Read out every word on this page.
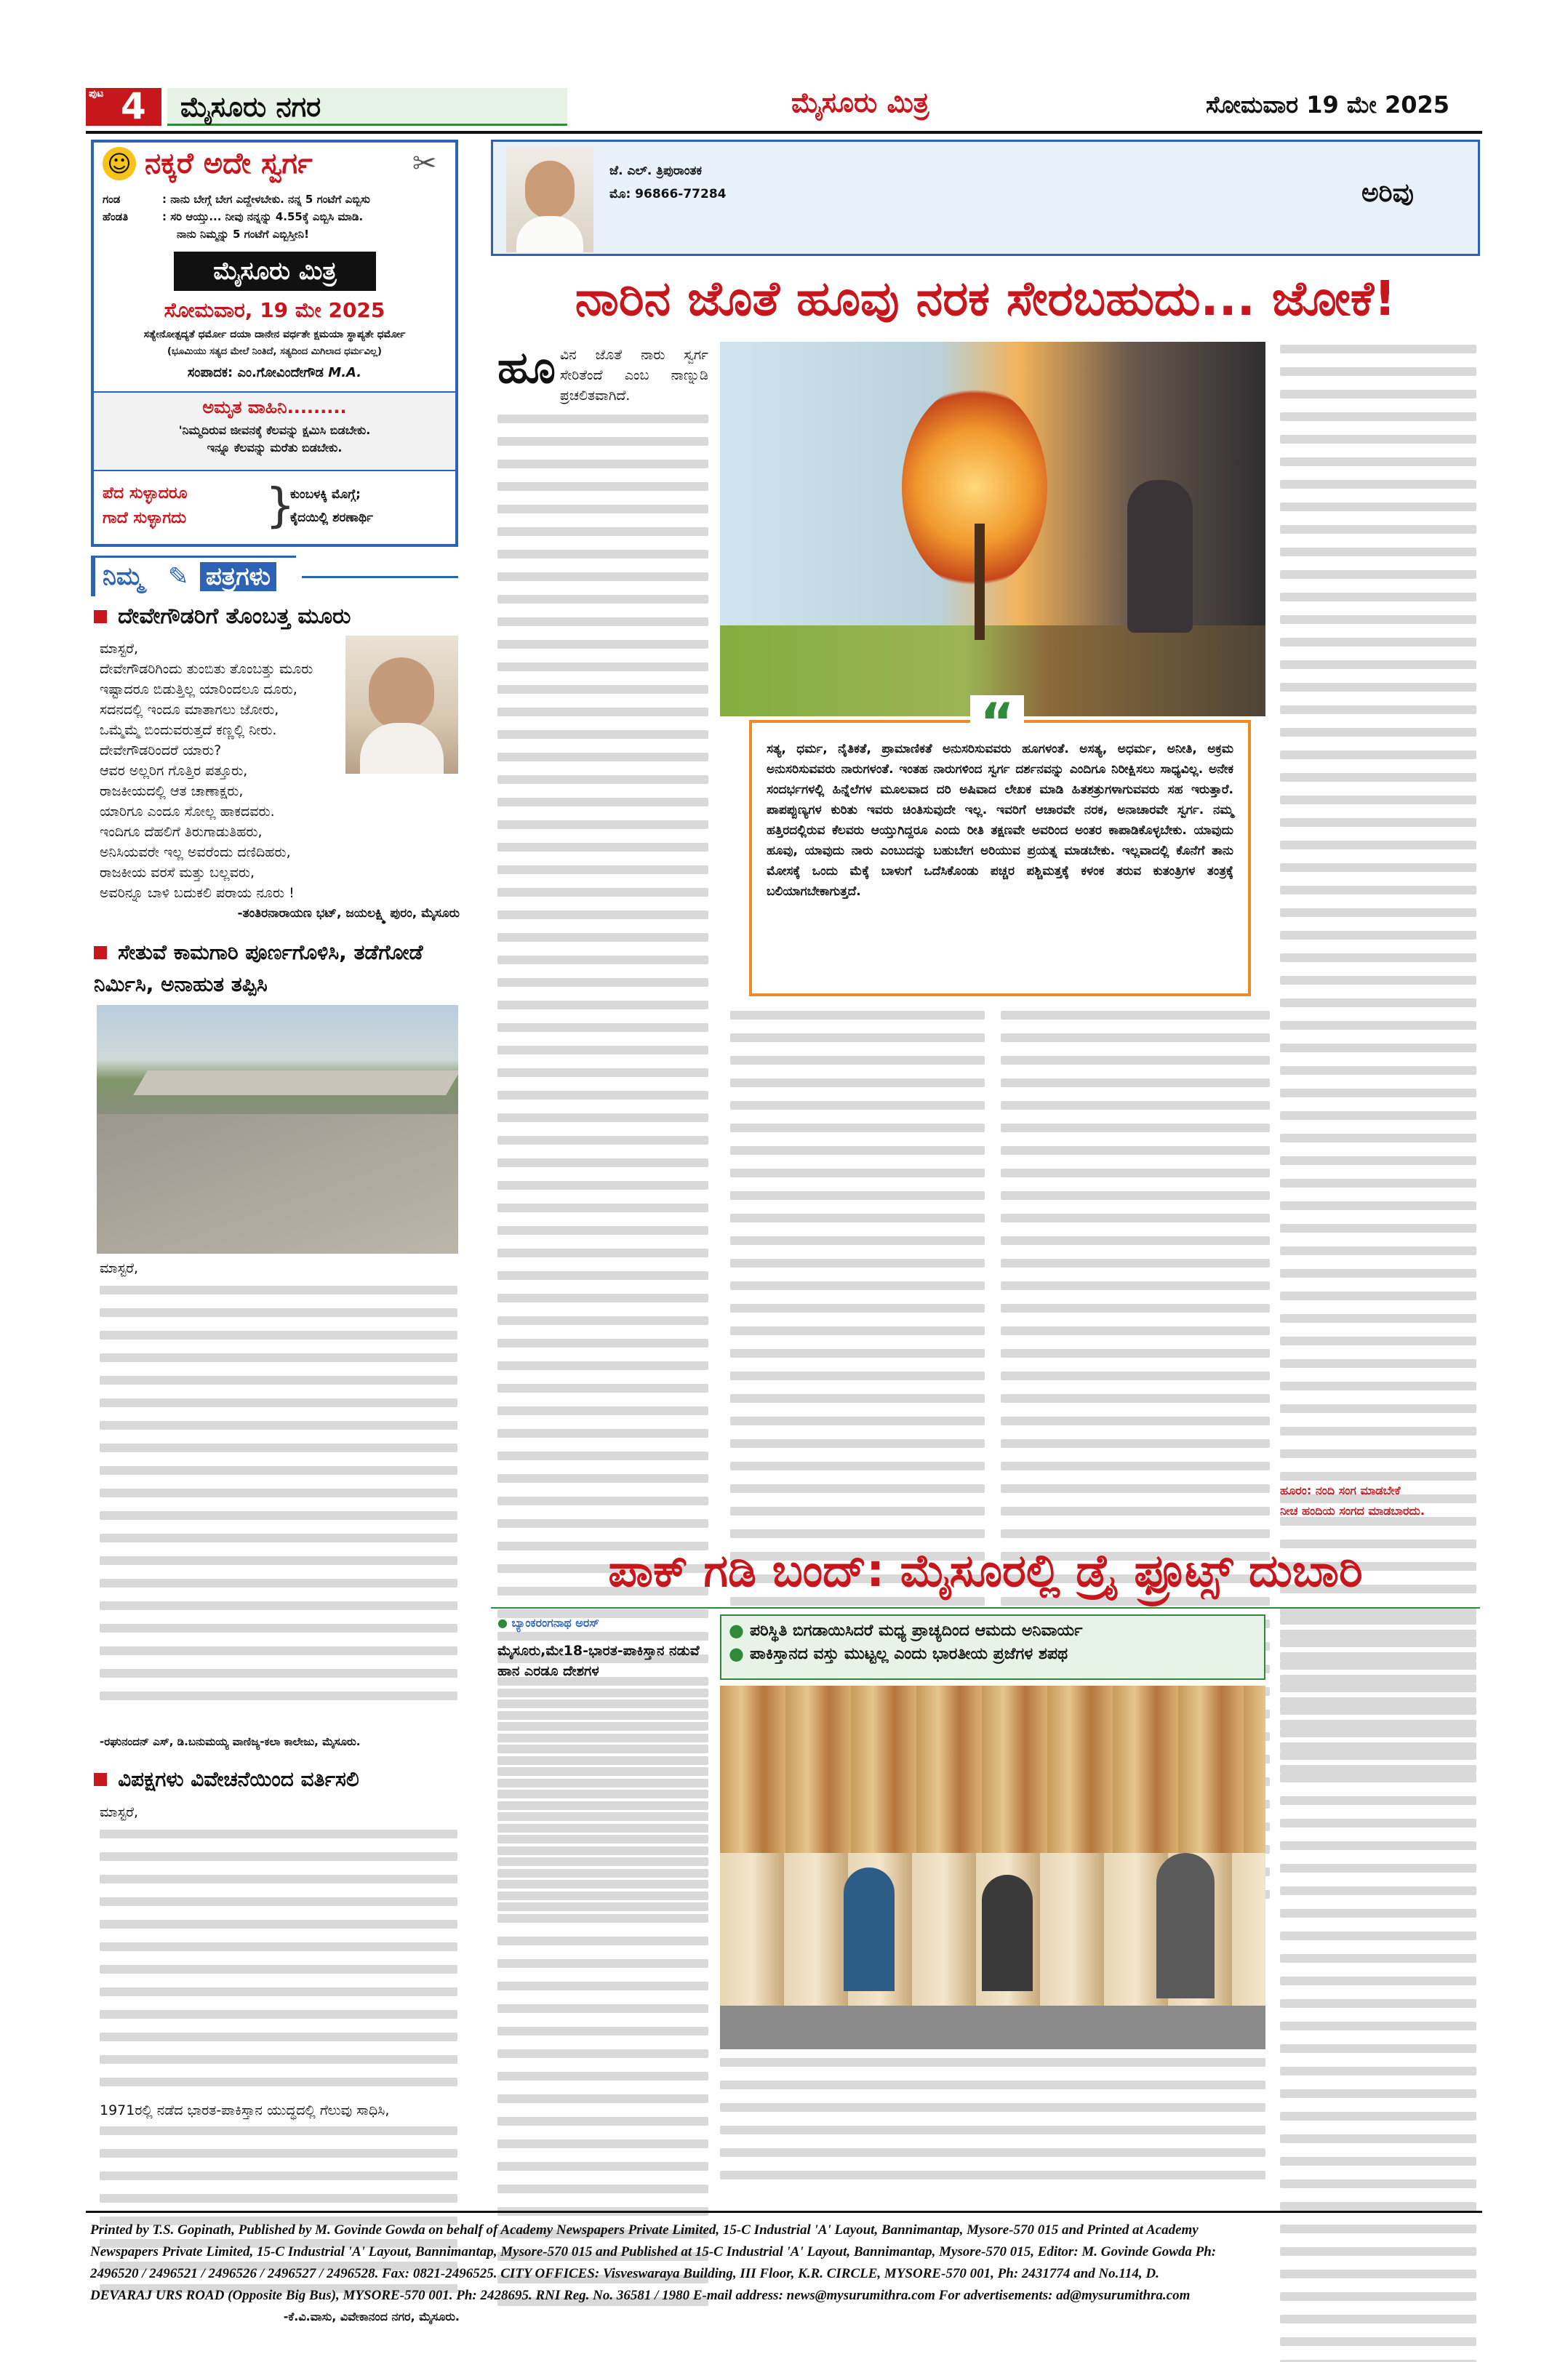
ಪುಟ 4 ಮೈಸೂರು ನಗರ	ಮೈಸೂರು ಮಿತ್ರ	ಸೋಮವಾರ 19 ಮೇ 2025
☺ ನಕ್ಕರೆ ಅದೇ ಸ್ವರ್ಗ	✂
ಗಂಡ	: ನಾನು ಬೇಗ್ಗೆ ಬೇಗ ಎದ್ದೇಳಬೇಕು. ನನ್ನ 5 ಗಂಟೆಗೆ ಎಬ್ಬಿಸು
ಹೆಂಡತಿ	: ಸರಿ ಆಯ್ತು... ನೀವು ನನ್ನನ್ನು 4.55ಕ್ಕೆ ಎಬ್ಬಿಸಿ ಮಾಡಿ.
ನಾನು ನಿಮ್ಮನ್ನು 5 ಗಂಟೆಗೆ ಎಬ್ಬಿಸ್ತೀನಿ!
ಮೈಸೂರು ಮಿತ್ರ
ಸೋಮವಾರ, 19 ಮೇ 2025
ಸತ್ಯೇನೋತ್ಪದ್ಯತೆ ಧರ್ಮೋ ದಯಾ ದಾನೇನ ವರ್ಧತೇ ಕ್ಷಮಯಾ ಸ್ಥಾಪ್ಯತೇ ಧರ್ಮೋ
(ಭೂಮಿಯು ಸತ್ಯದ ಮೇಲೆ ನಿಂತಿದೆ, ಸತ್ಯದಿಂದ ಮಿಗಿಲಾದ ಧರ್ಮವಿಲ್ಲ)
ಸಂಪಾದಕ: ಎಂ.ಗೋವಿಂದೇಗೌಡ M.A.
ಅಮೃತ ವಾಹಿನಿ.........
'ನಿಮ್ಮದಿರುವ ಜೀವನಕ್ಕೆ ಕೆಲವನ್ನು ಕ್ಷಮಿಸಿ ಬಿಡಬೇಕು.
ಇನ್ನೂ ಕೆಲವನ್ನು ಮರೆತು ಬಿಡಬೇಕು.
ಪೆದ ಸುಳ್ಳಾದರೂ
ಗಾದೆ ಸುಳ್ಳಾಗದು	}
ಕುಂಬಳಕ್ಕಿ ಮೊಗ್ಗೆ;
ಕೈದಯಿಲ್ಲಿ ಶರಣಾರ್ಥಿ
ನಿಮ್ಮ ✎ ಪತ್ರಗಳು
ದೇವೇಗೌಡರಿಗೆ ತೊಂಬತ್ತ ಮೂರು
ಮಾಸ್ಟರೆ,
ದೇವೇಗೌಡರಿಗಿಂದು ತುಂಬಿತು ತೊಂಬತ್ತು ಮೂರು
ಇಷ್ಟಾದರೂ ಬಿಡುತ್ತಿಲ್ಲ ಯಾರಿಂದಲೂ ದೂರು,
ಸದನದಲ್ಲಿ ಇಂದೂ ಮಾತಾಗಲು ಜೋರು,
ಒಮ್ಮೆಮ್ಮೆ ಬಿಂದುವರುತ್ತದೆ ಕಣ್ಣಲ್ಲಿ ನೀರು.
ದೇವೇಗೌಡರಿಂದರೆ ಯಾರು?
ಆವರ ಅಲ್ಲರಿಗ ಗೊತ್ತಿರ ಪತ್ತೂರು,
ರಾಜಕೀಯದಲ್ಲಿ ಆತ ಚಾಣಾಕ್ಷರು,
ಯಾರಿಗೂ ಎಂದೂ ಸೋಲ್ಲ ಹಾಕದವರು.
ಇಂದಿಗೂ ದೆಹಲಿಗೆ ತಿರುಗಾಡುತಿಹರು,
ಅನಿಸಿಯವರೇ ಇಲ್ಲ ಅವರೆಂದು ದಣಿದಿಹರು,
ರಾಜಕೀಯ ವರಸೆ ಮತ್ತು ಬಲ್ಲವರು,
ಅವರಿನ್ನೂ ಬಾಳಿ ಬದುಕಲಿ ಪರಾಯ ನೂರು !
-ತಂತಿರನಾರಾಯಣ ಭಟ್, ಜಯಲಕ್ಷ್ಮಿ ಪುರಂ, ಮೈಸೂರು
ಸೇತುವೆ ಕಾಮಗಾರಿ ಪೂರ್ಣಗೊಳಿಸಿ, ತಡೆಗೋಡೆ ನಿರ್ಮಿಸಿ, ಅನಾಹುತ ತಪ್ಪಿಸಿ
ಮಾಸ್ಟರೆ,
-ರಘುನಂದನ್ ಎಸ್, ಡಿ.ಬನುಮಯ್ಯ ವಾಣಿಜ್ಯ-ಕಲಾ ಕಾಲೇಜು, ಮೈಸೂರು.
ವಿಪಕ್ಷಗಳು ವಿವೇಚನೆಯಿಂದ ವರ್ತಿಸಲಿ
ಮಾಸ್ಟರೆ,
1971ರಲ್ಲಿ ನಡೆದ ಭಾರತ-ಪಾಕಿಸ್ತಾನ ಯುದ್ಧದಲ್ಲಿ ಗೆಲುವು ಸಾಧಿಸಿ,
-ಕೆ.ವಿ.ವಾಸು, ವಿವೇಕಾನಂದ ನಗರ, ಮೈಸೂರು.
ಜೆ. ಎಲ್. ತ್ರಿಪುರಾಂತಕ
ಮೊ: 96866-77284	ಅರಿವು
ನಾರಿನ ಜೊತೆ ಹೂವು ನರಕ ಸೇರಬಹುದು... ಜೋಕೆ!
ಹೂ ವಿನ ಜೊತೆ ನಾರು ಸ್ವರ್ಗ ಸೇರಿತೆಂದೆ ಎಂಬ ನಾಣ್ನುಡಿ ಪ್ರಚಲಿತವಾಗಿದೆ.
“
ಸತ್ಯ, ಧರ್ಮ, ನೈತಿಕತೆ, ಪ್ರಾಮಾಣಿಕತೆ ಅನುಸರಿಸುವವರು ಹೂಗಳಂತೆ. ಅಸತ್ಯ, ಅಧರ್ಮ, ಅನೀತಿ, ಅಕ್ರಮ ಅನುಸರಿಸುವವರು ನಾರುಗಳಂತೆ. ಇಂತಹ ನಾರುಗಳಿಂದ ಸ್ವರ್ಗ ದರ್ಶನವನ್ನು ಎಂದಿಗೂ ನಿರೀಕ್ಷಿಸಲು ಸಾಧ್ಯವಿಲ್ಲ. ಅನೇಕ ಸಂದರ್ಭಗಳಲ್ಲಿ ಹಿನ್ನೆಲೆಗಳ ಮೂಲವಾದ ದರಿ ಅಷಿವಾದ ಲೇಖಕ ಮಾಡಿ ಹಿತಶತ್ರುಗಳಾಗುವವರು ಸಹ ಇರುತ್ತಾರೆ. ಪಾಪಪ್ಪುಣ್ಯಗಳ ಕುರಿತು ಇವರು ಚಿಂತಿಸುವುದೇ ಇಲ್ಲ. ಇವರಿಗೆ ಆಚಾರವೇ ನರಕ, ಅನಾಚಾರವೇ ಸ್ವರ್ಗ. ನಮ್ಮ ಹತ್ತಿರದಲ್ಲಿರುವ ಕೆಲವರು ಆಯ್ತುಗಿದ್ದರೂ ಎಂದು ರೀತಿ ತಕ್ಷಣವೇ ಅವರಿಂದ ಅಂತರ ಕಾಪಾಡಿಕೊಳ್ಳಬೇಕು. ಯಾವುದು ಹೂವು, ಯಾವುದು ನಾರು ಎಂಬುದನ್ನು ಬಹುಬೇಗ ಅರಿಯುವ ಪ್ರಯತ್ನ ಮಾಡಬೇಕು. ಇಲ್ಲವಾದಲ್ಲಿ ಕೊನೆಗೆ ತಾನು ಮೋಸಕ್ಕೆ ಒಂದು ಮೆಕ್ಕೆ ಬಾಳುಗೆ ಒದೆಸಿಕೊಂಡು ಪಚ್ಚರ ಪಶ್ಚಿಮತ್ತಕ್ಕೆ ಕಳಂಕ ತರುವ ಕುತಂತ್ರಿಗಳ ತಂತ್ರಕ್ಕೆ ಬಲಿಯಾಗಬೇಕಾಗುತ್ತದೆ.
ಹೂರಂ: ನಂದಿ ಸಂಗ ಮಾಡಬೇಕೆ
ನೀಚ ಹಂದಿಯ ಸಂಗದ ಮಾಡಬಾರದು.
ಪಾಕ್ ಗಡಿ ಬಂದ್: ಮೈಸೂರಲ್ಲಿ ಡ್ರೈ ಫ್ರೂಟ್ಸ್ ದುಬಾರಿ
● ಬ್ಯಾಂಕರಂಗನಾಥ ಅರಸ್
ಮೈಸೂರು,ಮೇ18-ಭಾರತ-ಪಾಕಿಸ್ತಾನ ನಡುವೆ ಹಾನ ಎರಡೂ ದೇಶಗಳ
● ಪರಿಸ್ಥಿತಿ ಬಿಗಡಾಯಿಸಿದರೆ ಮಧ್ಯ ಪ್ರಾಚ್ಯದಿಂದ ಆಮದು ಅನಿವಾರ್ಯ
● ಪಾಕಿಸ್ತಾನದ ವಸ್ತು ಮುಟ್ಟಲ್ಲ ಎಂದು ಭಾರತೀಯ ಪ್ರಜೆಗಳ ಶಪಥ
Printed by T.S. Gopinath, Published by M. Govinde Gowda on behalf of Academy Newspapers Private Limited, 15-C Industrial 'A' Layout, Bannimantap, Mysore-570 015 and Printed at Academy
Newspapers Private Limited, 15-C Industrial 'A' Layout, Bannimantap, Mysore-570 015 and Published at 15-C Industrial 'A' Layout, Bannimantap, Mysore-570 015, Editor: M. Govinde Gowda Ph:
2496520 / 2496521 / 2496526 / 2496527 / 2496528. Fax: 0821-2496525. CITY OFFICES: Visveswaraya Building, III Floor, K.R. CIRCLE, MYSORE-570 001, Ph: 2431774 and No.114, D.
DEVARAJ URS ROAD (Opposite Big Bus), MYSORE-570 001. Ph: 2428695. RNI Reg. No. 36581 / 1980 E-mail address: news@mysurumithra.com For advertisements: ad@mysurumithra.com
